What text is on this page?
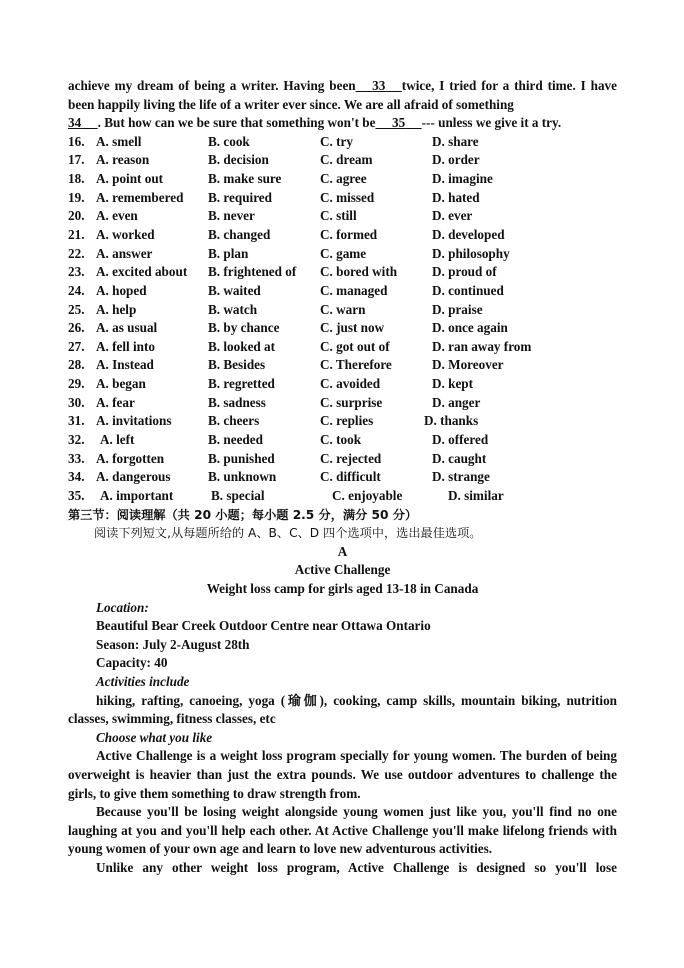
achieve my dream of being a writer. Having been 33 twice, I tried for a third time. I have been happily living the life of a writer ever since. We are all afraid of something
34 . But how can we be sure that something won't be 35 --- unless we give it a try.

16. A. smell	B. cook	C. try	D. share
17. A. reason	B. decision	C. dream	D. order
18. A. point out	B. make sure	C. agree	D. imagine
19. A. remembered	B. required	C. missed	D. hated
20. A. even	B. never	C. still	D. ever
21. A. worked	B. changed	C. formed	D. developed
22. A. answer	B. plan	C. game	D. philosophy
23. A. excited about	B. frightened of	C. bored with	D. proud of
24. A. hoped	B. waited	C. managed	D. continued
25. A. help	B. watch	C. warn	D. praise
26. A. as usual	B. by chance	C. just now	D. once again
27. A. fell into	B. looked at	C. got out of	D. ran away from
28. A. Instead	B. Besides	C. Therefore	D. Moreover
29. A. began	B. regretted	C. avoided	D. kept
30. A. fear	B. sadness	C. surprise	D. anger
31. A. invitations	B. cheers	C. replies	D. thanks
32.	A. left	B. needed	C. took	D. offered
33. A. forgotten	B. punished	C. rejected	D. caught
34. A. dangerous	B. unknown	C. difficult	D. strange
35.	A. important	B. special	C. enjoyable	D. similar
第三节：阅读理解（共 20 小题；每小题 2.5 分，满分 50 分）
阅读下列短文,从每题所给的 A、B、C、D 四个选项中，选出最佳选项。
A
Active Challenge
Weight loss camp for girls aged 13-18 in Canada
Location:
Beautiful Bear Creek Outdoor Centre near Ottawa Ontario
Season: July 2-August 28th
Capacity: 40
Activities include

hiking, rafting, canoeing, yoga (瑜伽), cooking, camp skills, mountain biking, nutrition classes, swimming, fitness classes, etc

Choose what you like

Active Challenge is a weight loss program specially for young women. The burden of being overweight is heavier than just the extra pounds. We use outdoor adventures to challenge the girls, to give them something to draw strength from.

Because you'll be losing weight alongside young women just like you, you'll find no one laughing at you and you'll help each other. At Active Challenge you'll make lifelong friends with young women of your own age and learn to love new adventurous activities.

Unlike any other weight loss program, Active Challenge is designed so you'll lose
